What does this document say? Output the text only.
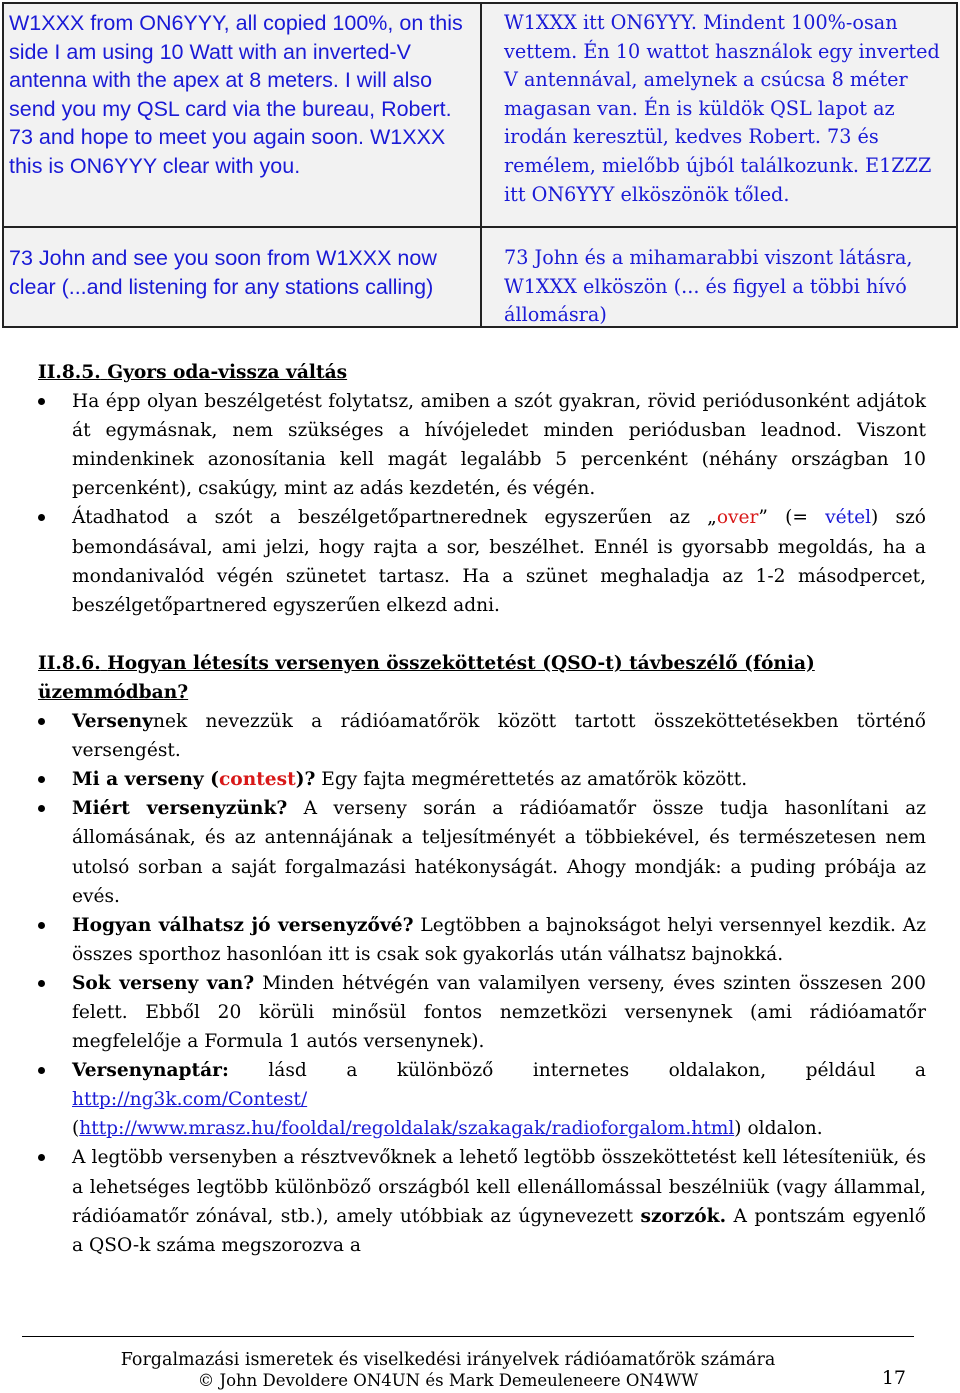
W1XXX from ON6YYY, all copied 100%, on this side I am using 10 Watt with an inverted-V antenna with the apex at 8 meters. I will also send you my QSL card via the bureau, Robert. 73 and hope to meet you again soon. W1XXX this is ON6YYY clear with you.
73 John and see you soon from W1XXX now clear (...and listening for any stations calling)
W1XXX itt ON6YYY. Mindent 100%-osan vettem. Én 10 wattot használok egy inverted V antennával, amelynek a csúcsa 8 méter magasan van. Én is küldök QSL lapot az irodán keresztül, kedves Robert. 73 és remélem, mielőbb újból találkozunk. E1ZZZ itt ON6YYY elköszönök tőled.
73 John és a mihamarabbi viszont látásra, W1XXX elköszön (... és figyel a többi hívó állomásra)
II.8.5. Gyors oda-vissza váltás
Ha épp olyan beszélgetést folytatsz, amiben a szót gyakran, rövid periódusonként adjátok át egymásnak, nem szükséges a hívójeledet minden periódusban leadnod. Viszont mindenkinek azonosítania kell magát legalább 5 percenként (néhány országban 10 percenként), csakúgy, mint az adás kezdetén, és végén.
Átadhatod a szót a beszélgetőpartnerednek egyszerűen az „over” (= vétel) szó bemondásával, ami jelzi, hogy rajta a sor, beszélhet. Ennél is gyorsabb megoldás, ha a mondanivalód végén szünetet tartasz. Ha a szünet meghaladja az 1-2 másodpercet, beszélgetőpartnered egyszerűen elkezd adni.
II.8.6. Hogyan létesíts versenyen összeköttetést (QSO-t) távbeszélő (fónia) üzemmódban?
Versenynek nevezzük a rádióamatőrök között tartott összeköttetésekben történő versengést.
Mi a verseny (contest)? Egy fajta megmérettetés az amatőrök között.
Miért versenyzünk? A verseny során a rádióamatőr össze tudja hasonlítani az állomásának, és az antennájának a teljesítményét a többiekével, és természetesen nem utolsó sorban a saját forgalmazási hatékonyságát. Ahogy mondják: a puding próbája az evés.
Hogyan válhatsz jó versenyzővé? Legtöbben a bajnokságot helyi versennyel kezdik. Az összes sporthoz hasonlóan itt is csak sok gyakorlás után válhatsz bajnokká.
Sok verseny van? Minden hétvégén van valamilyen verseny, éves szinten összesen 200 felett. Ebből 20 körüli minősül fontos nemzetközi versenynek (ami rádióamatőr megfelelője a Formula 1 autós versenynek).
Versenynaptár: lásd a különböző internetes oldalakon, például a http://ng3k.com/Contest/ (http://www.mrasz.hu/fooldal/regoldalak/szakagak/radioforgalom.html) oldalon.
A legtöbb versenyben a résztvevőknek a lehető legtöbb összeköttetést kell létesíteniük, és a lehetséges legtöbb különböző országból kell ellenállomással beszélniük (vagy állammal, rádióamatőr zónával, stb.), amely utóbbiak az úgynevezett szorzók. A pontszám egyenlő a QSO-k száma megszorozva a
Forgalmazási ismeretek és viselkedési irányelvek rádióamatőrök számára
© John Devoldere ON4UN és Mark Demeuleneere ON4WW	17
